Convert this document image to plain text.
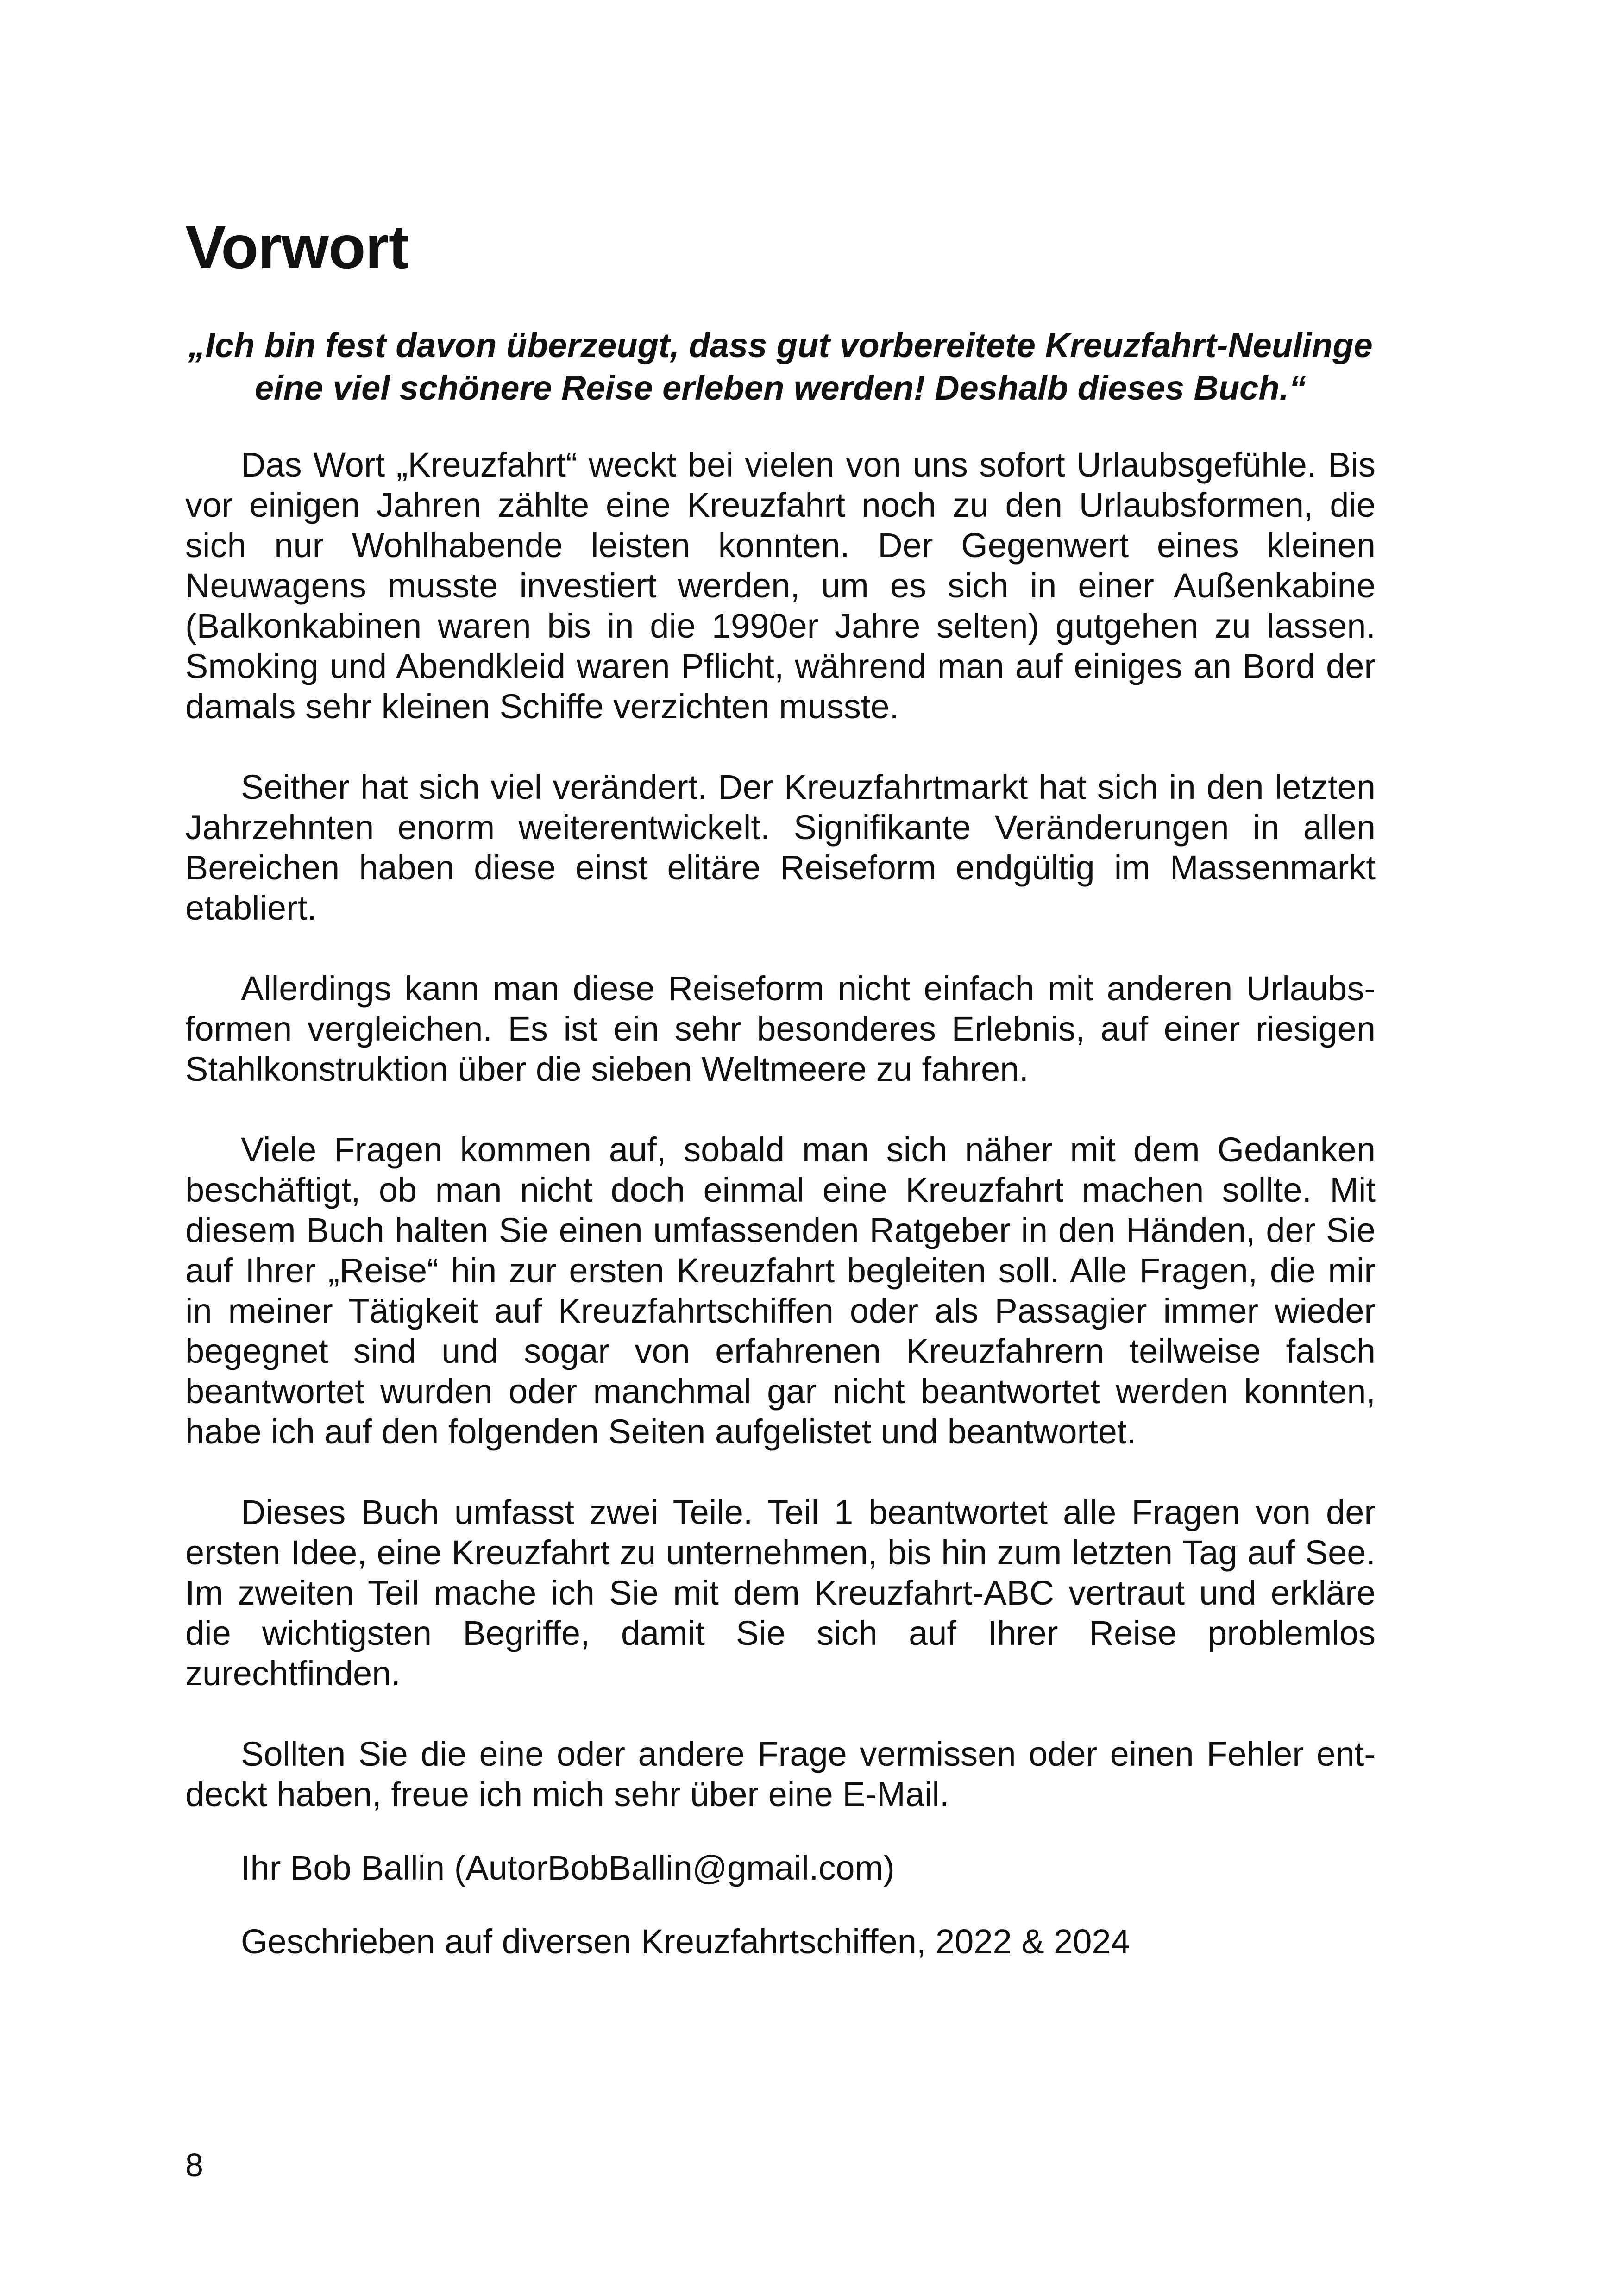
Vorwort

„Ich bin fest davon überzeugt, dass gut vorbereitete Kreuzfahrt-Neulinge
eine viel schönere Reise erleben werden! Deshalb dieses Buch.“

Das Wort „Kreuzfahrt“ weckt bei vielen von uns sofort Urlaubsgefühle. Bis vor einigen Jahren zählte eine Kreuzfahrt noch zu den Urlaubsformen, die sich nur Wohlhabende leisten konnten. Der Gegenwert eines kleinen Neuwagens musste investiert werden, um es sich in einer Außenkabine (Balkonkabinen waren bis in die 1990er Jahre selten) gutgehen zu lassen. Smoking und Abendkleid waren Pflicht, während man auf einiges an Bord der damals sehr kleinen Schiffe verzichten musste.

Seither hat sich viel verändert. Der Kreuzfahrtmarkt hat sich in den letzten Jahrzehnten enorm weiterentwickelt. Signifikante Veränderungen in allen Bereichen haben diese einst elitäre Reiseform endgültig im Massenmarkt etabliert.

Allerdings kann man diese Reiseform nicht einfach mit anderen Urlaubsformen vergleichen. Es ist ein sehr besonderes Erlebnis, auf einer riesigen Stahlkonstruktion über die sieben Weltmeere zu fahren.

Viele Fragen kommen auf, sobald man sich näher mit dem Gedanken beschäftigt, ob man nicht doch einmal eine Kreuzfahrt machen sollte. Mit diesem Buch halten Sie einen umfassenden Ratgeber in den Händen, der Sie auf Ihrer „Reise“ hin zur ersten Kreuzfahrt begleiten soll. Alle Fragen, die mir in meiner Tätigkeit auf Kreuzfahrtschiffen oder als Passagier immer wieder begegnet sind und sogar von erfahrenen Kreuzfahrern teilweise falsch beantwortet wurden oder manchmal gar nicht beantwortet werden konnten, habe ich auf den folgenden Seiten aufgelistet und beantwortet.

Dieses Buch umfasst zwei Teile. Teil 1 beantwortet alle Fragen von der ersten Idee, eine Kreuzfahrt zu unternehmen, bis hin zum letzten Tag auf See. Im zweiten Teil mache ich Sie mit dem Kreuzfahrt-ABC vertraut und erkläre die wichtigsten Begriffe, damit Sie sich auf Ihrer Reise problemlos zurechtfinden.

Sollten Sie die eine oder andere Frage vermissen oder einen Fehler entdeckt haben, freue ich mich sehr über eine E-Mail.

Ihr Bob Ballin (AutorBobBallin@gmail.com)

Geschrieben auf diversen Kreuzfahrtschiffen, 2022 & 2024

8
